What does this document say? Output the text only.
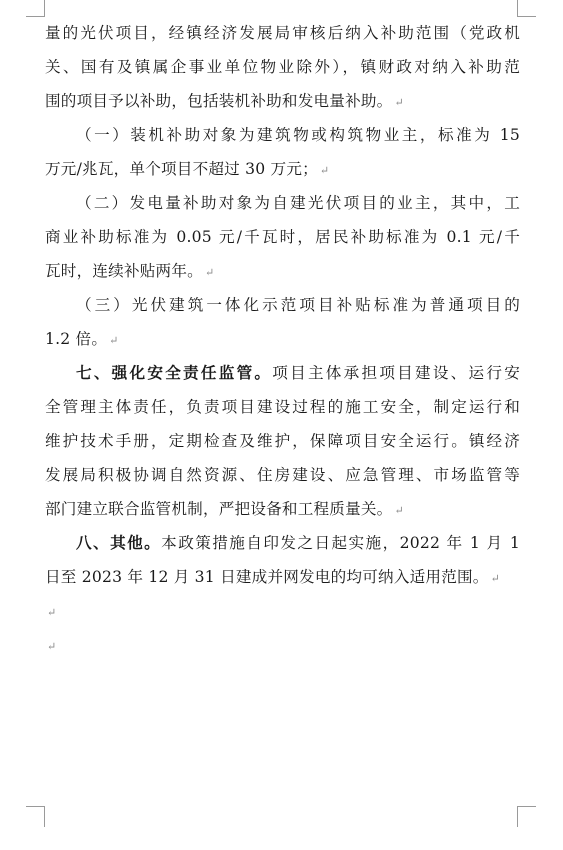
量的光伏项目，经镇经济发展局审核后纳入补助范围（党政机
关、国有及镇属企事业单位物业除外），镇财政对纳入补助范
围的项目予以补助，包括装机补助和发电量补助。 ↵
（一）装机补助对象为建筑物或构筑物业主，标准为 15
万元/兆瓦，单个项目不超过 30 万元； ↵
（二）发电量补助对象为自建光伏项目的业主，其中，工
商业补助标准为 0.05 元/千瓦时，居民补助标准为 0.1 元/千
瓦时，连续补贴两年。 ↵
（三）光伏建筑一体化示范项目补贴标准为普通项目的
1.2 倍。 ↵
七、强化安全责任监管。项目主体承担项目建设、运行安
全管理主体责任，负责项目建设过程的施工安全，制定运行和
维护技术手册，定期检查及维护，保障项目安全运行。镇经济
发展局积极协调自然资源、住房建设、应急管理、市场监管等
部门建立联合监管机制，严把设备和工程质量关。 ↵
八、其他。本政策措施自印发之日起实施，2022 年 1 月 1
日至 2023 年 12 月 31 日建成并网发电的均可纳入适用范围。 ↵
↵
↵
